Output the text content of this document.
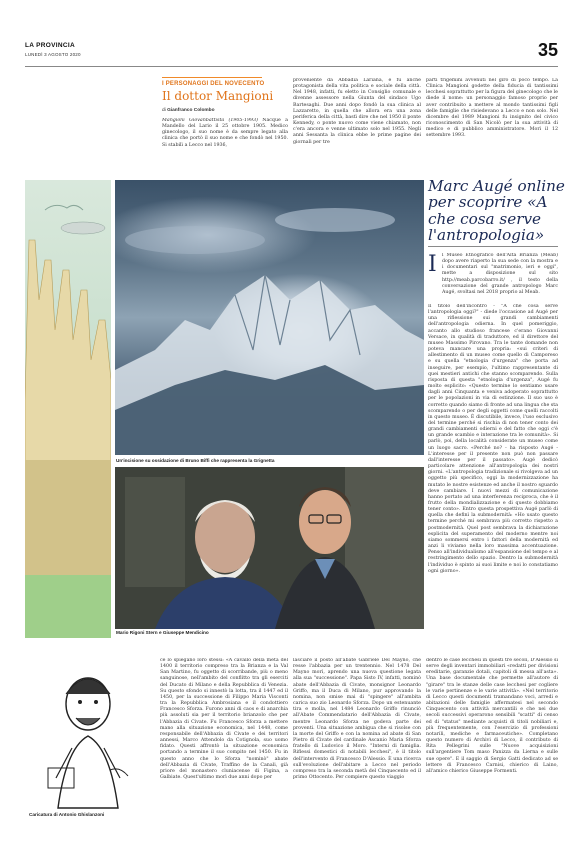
LA PROVINCIA
LUNEDÌ 3 AGOSTO 2020	35
I PERSONAGGI DEL NOVECENTO
Il dottor Mangioni
di Gianfranco Colombo

Mangioni Giovanbattista (1905-1993) Nacque a Mandello del Lario il 25 ottobre 1905. Medico ginecologo, il suo nome è da sempre legato alla clinica che portò il suo nome e che fondò nel 1950. Si stabilì a Lecco nel 1936,

proveniente da Abbadia Lariana, e fu anche protagonista della vita politica e sociale della città. Nel 1948, infatti, fu eletto in Consiglio comunale e divenne assessore nella Giunta del sindaco Ugo Bartesaghi. Due anni dopo fondò la sua clinica al Lazzaretto, in quella che allora era una zona periferica della città, bastì dire che nel 1950 il ponte Kennedy, o ponte nuovo come viene chiamato, non c'era ancora e venne ultimato solo nel 1955. Negli anni Sessanta la clinica ebbe le prime pagine dei giornali per tre

parti trigemini avvenuti nel giro di poco tempo. La Clinica Mangioni godette della fiducia di tantissimi lecchesi soprattutto per la figura del ginecologo che le diede il nome: un personaggio famoso proprio per aver contribuito a mettere al mondo tantissimi figli delle famiglie che risiedevano a Lecco e non solo. Nel dicembre del 1989 Mangioni fu insignito del civico riconoscimento di San Nicolò per la sua attività di medico e di pubblico amministratore. Morì il 12 settembre 1993.

Un'incisione su ossidazione di Bruno Biffi che rappresenta la Grignetta
Mario Rigoni Stern e Giuseppe Mendicino
Marc Augé online per scoprire «A che cosa serve l'antropologia»
I l Museo Etnografico dell'Alta Brianza (Meab) dopo avere riaperto la sua sede con la mostra e i documentari sul "matrimonio, ieri e oggi", mette a disposizione sul sito http://meab.parcobarro.it/ , il testo della conversazione del grande antropologo Marc Augé, svoltasi nel 2018 proprio al Meab.

Il titolo dell'incontro - "A che cosa serve l'antropologia oggi?" - diede l'occasione ad Augé per una riflessione sui grandi cambiamenti dell'antropologia odierna. In quel pomeriggio, accanto allo studioso francese c'erano Giovanni Versace, in qualità di traduttore, ed il direttore del museo Massimo Pirovano. Tra le tante domande non poteva mancare una propria: «sui criteri di allestimento di un museo come quello di Camporeso e su quella "etnologia d'urgenza" che porta ad inseguire, per esempio, l'ultimo rappresentante di quei mestieri antichi che stanno scomparendo. Sulla risposta di questa "etnologia d'urgenza", Augé fu molto esplicito: «Questo termine lo sentiamo usare dagli anni Cinquanta e veniva adoperato soprattutto per le popolazioni in via di estinzione. Il suo uso è corretto quando siamo di fronte ad una lingua che sta scomparendo o per degli oggetti come quelli raccolti in questo museo. È discutibile, invece, l'uso esclusivo del termine perché si rischia di non tener conto dei grandi cambiamenti odierni e del fatto che oggi c'è un grande scambio e interazione tra le comunità». Si parlò, poi, della località considerate un museo come un luogo sacro. «Perché no? - ha risposto Augé - L'interesse per il presente non può non passare dall'interesse per il passato». Augé dedicò particolare attenzione all'antropologia dei nostri giorni. «L'antropologia tradizionale si rivolgeva ad un oggetto più specifico, oggi la modernizzazione ha mutato le nostre esistenze ed anche il nostro sguardo deve cambiare. I nuovi mezzi di comunicazione hanno portato ad una interferenza reciproca, che è il frutto della mondializzazione e di questo dobbiamo tener conto». Entro questa prospettiva Augé parlò di quella che definì la submodernità: «Ho usato questo termine perché mi sembrava più corretto rispetto a postmodernità. Quel post sembrava la dichiarazione esplicita del superamento del moderno mentre noi siamo sommersi entro i fattori della modernità ed anzi li viviamo nella loro massima accentuazione. Penso all'individualismo all'espansione del tempo e al restringimento dello spazio. Dentro la submodernità l'individuo è spinto ai suoi limite e noi lo constatiamo ogni giorno».

Caricatura di Antonio Ghislanzoni

ce lo spiegano loro stessi: «A cavallo della metà del 1400 il territorio compreso tra la Brianza e la Val San Martino, fu oggetto di scorribande, più o meno sanguinose, nell'ambito del conflitto tra gli eserciti del Ducato di Milano e della Repubblica di Venezia. Su questo sfondo si innestò la lotta, tra il 1447 ed il 1450, per la successione di Filippo Maria Visconti tra la Repubblica Ambrosiana e il condottiero Francesco Sforza. Furono anni di caos e di anarchia più assoluti sia per il territorio brianzolo che per l'Abbazia di Civate. Fu Francesco Sforza a mettere mano alla situazione economica, nel 1448, come responsabile dell'Abbazia di Civate e dei territori annessi, Marco Attendolo da Cotignola, suo uomo fidato. Questi affrontò la situazione economica portando a termine il suo compito nel 1450. Fu in questo anno che lo Sforza "nominò" abate dell'Abbazia di Civate, Traffino de la Canali, già priore del monastero cluniacense di Figina, a Galbiate. Quest'ultimo morì due anni dopo per

lasciare il posto all'abate Gabriele Del Mayno, che resse l'abbazia per un trentennio. Nel 1478 Del Mayno morì, aprendo una nuova questione legata alla sua "successione". Papa Sisto IV, infatti, nominò abate dell'Abbazia di Civate, monsignor Leonardo Griffo, ma il Duca di Milano, pur approvando la nomina, non smise mai di "spingere" all'ambita carica suo zio Leonardo Sforza. Dopo un estenuante tira e molla, nel 1484 Leonardo Griffo rinunciò all'Abate Commendatario dell'Abbazia di Civate, mentre Leonardo Sforza ne godeva parte dei proventi. Una situazione ambigua che si risolse con la morte del Griffo e con la nomina ad abate di San Pietro di Civate del cardinale Ascanio Maria Sforza fratello di Ludovico il Moro. "Interni di famiglia. Riflessi domestici di notabili lecchesi", è il titolo dell'intervento di Francesco D'Alessio. È una ricerca sull'evoluzione dell'abitare a Lecco nel periodo compreso tra la seconda metà del Cinquecento ed il primo Ottocento. Per compiere questo viaggio

dentro le case lecchesi in questi tre secoli, D'Alessio si serve degli inventari immobiliari «redatti per divisioni ereditarie, garanzie dotali, capitoli di messa all'asta». Una base documentale che permette all'autore di "girare" tra le stanze delle case lecchesi per cogliere le varie pertinenze e le varie attività». «Nel territorio di Lecco questi documenti tramandano voci, arredi e abitazioni delle famiglie affermatesi nel secondo Cinquecento con attività mercantili e che nei due secoli successivi operarono sensibili "scatti" di censo ed di "status" mediante acquisti di titoli nobiliari e, più frequentemente, con l'esercizio di professioni notarili, mediche e farmaceutiche». Completano questo numero di Archivi di Lecco, il contributo di Rita Pellegrini sulle "Nuove acquisizioni sull'argentiere Tom maso Panizza da Lierna e sulle sue opere". E il saggio di Sergio Gatti dedicato ad se lettere di Francesco Carnisi, chierico di Laino, all'amico chierico Giuseppe Formenti.
